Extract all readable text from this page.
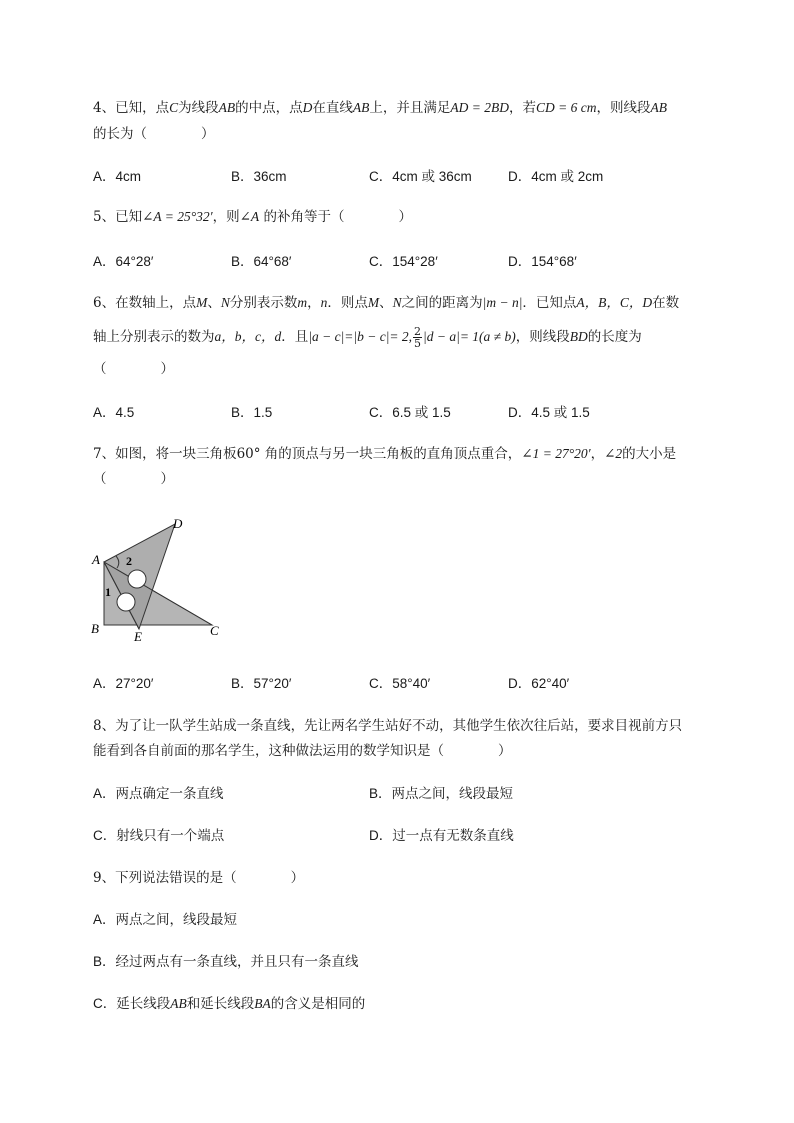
4、已知，点C为线段AB的中点，点D在直线AB上，并且满足AD = 2BD，若CD = 6 cm，则线段AB
的长为（　　　　）
A．4cm	B．36cm	C．4cm 或 36cm	D．4cm 或 2cm
5、已知∠A = 25°32′，则∠A 的补角等于（　　　　）
A．64°28′	B．64°68′	C．154°28′	D．154°68′
6、在数轴上，点M、N分别表示数m，n．则点M、N之间的距离为|m − n|．已知点A，B，C，D在数
轴上分别表示的数为a，b，c，d．且|a − c|=|b − c|= 2, $\frac{2}{5} |d - a|= 1(a \ne b)$，则线段BD的长度为
（　　　　）
A．4.5	B．1.5	C．6.5 或 1.5	D．4.5 或 1.5
7、如图，将一块三角板60° 角的顶点与另一块三角板的直角顶点重合，∠1 = 27°20′，∠2的大小是
（　　　　）
A
B	C
D
E
1
2
A．27°20′	B．57°20′	C．58°40′	D．62°40′
8、为了让一队学生站成一条直线，先让两名学生站好不动，其他学生依次往后站，要求目视前方只
能看到各自前面的那名学生，这种做法运用的数学知识是（　　　　）
A．两点确定一条直线	B．两点之间，线段最短
C．射线只有一个端点	D．过一点有无数条直线
9、下列说法错误的是（　　　　）
A．两点之间，线段最短
B．经过两点有一条直线，并且只有一条直线
C．延长线段AB和延长线段BA的含义是相同的
